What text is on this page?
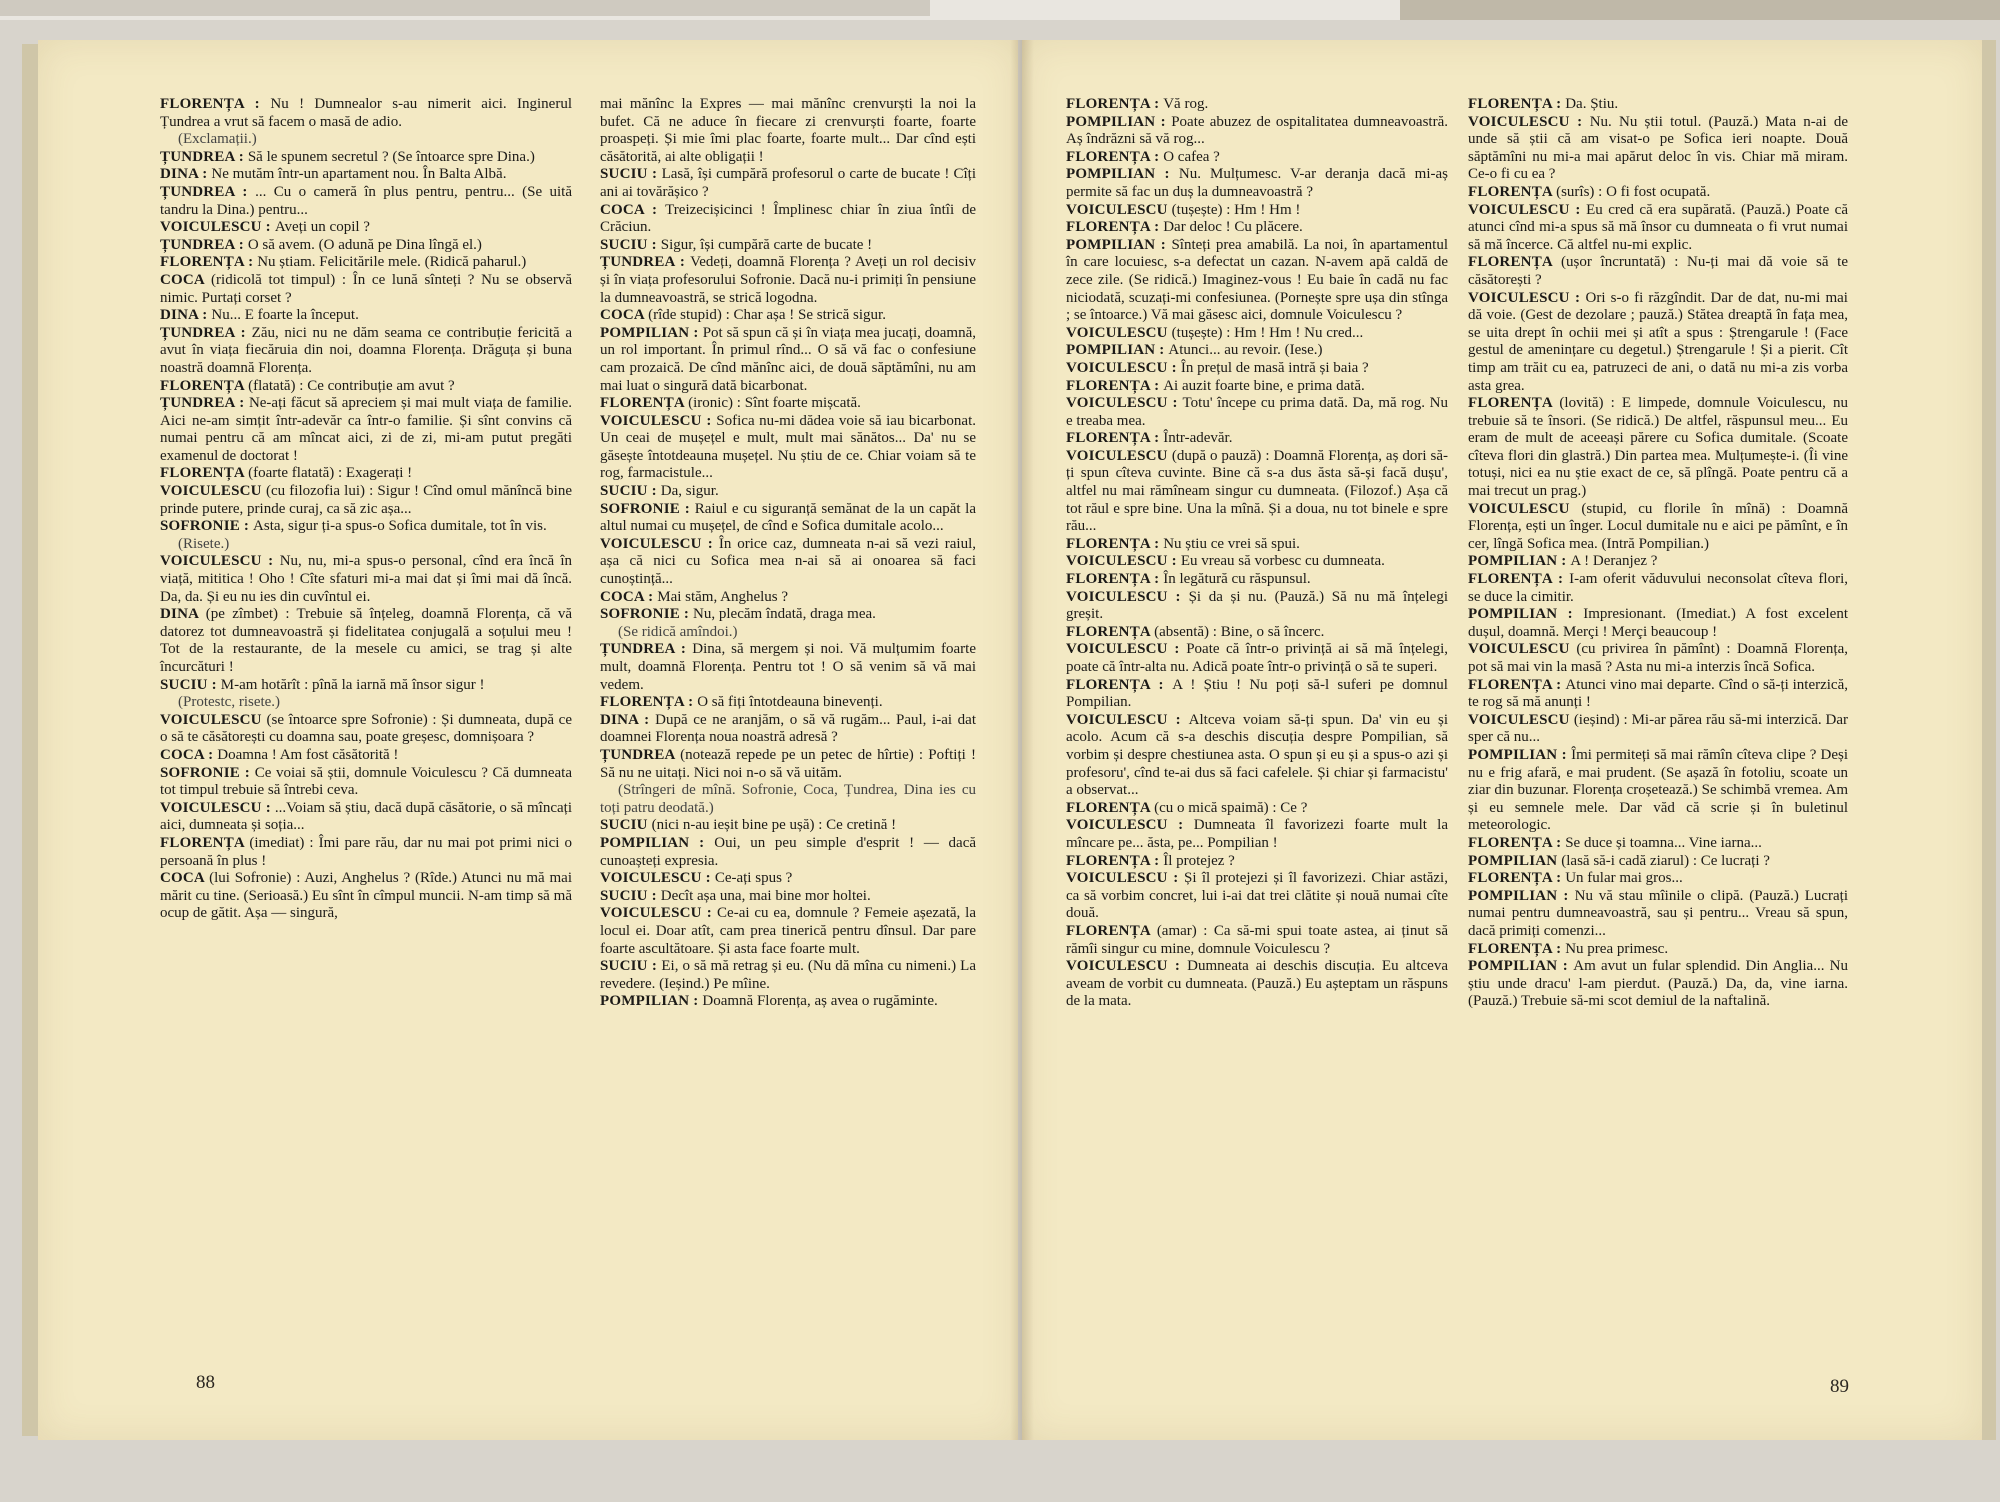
FLORENȚA : Nu ! Dumnealor s-au nimerit aici. Inginerul Țundrea a vrut să facem o masă de adio.

(Exclamații.)

ȚUNDREA : Să le spunem secretul ? (Se întoarce spre Dina.)

DINA : Ne mutăm într-un apartament nou. În Balta Albă.

ȚUNDREA : ... Cu o cameră în plus pentru, pentru... (Se uită tandru la Dina.) pentru...

VOICULESCU : Aveți un copil ?

ȚUNDREA : O să avem. (O adună pe Dina lîngă el.)

FLORENȚA : Nu știam. Felicitările mele. (Ridică paharul.)

COCA (ridicolă tot timpul) : În ce lună sînteți ? Nu se observă nimic. Purtați corset ?

DINA : Nu... E foarte la început.

ȚUNDREA : Zău, nici nu ne dăm seama ce contribuție fericită a avut în viața fiecăruia din noi, doamna Florența. Drăguța și buna noastră doamnă Florența.

FLORENȚA (flatată) : Ce contribuție am avut ?

ȚUNDREA : Ne-ați făcut să apreciem și mai mult viața de familie. Aici ne-am simțit într-adevăr ca într-o familie. Și sînt convins că numai pentru că am mîncat aici, zi de zi, mi-am putut pregăti examenul de doctorat !

FLORENȚA (foarte flatată) : Exagerați !

VOICULESCU (cu filozofia lui) : Sigur ! Cînd omul mănîncă bine prinde putere, prinde curaj, ca să zic așa...

SOFRONIE : Asta, sigur ți-a spus-o Sofica dumitale, tot în vis.

(Risete.)

VOICULESCU : Nu, nu, mi-a spus-o personal, cînd era încă în viață, mititica ! Oho ! Cîte sfaturi mi-a mai dat și îmi mai dă încă. Da, da. Și eu nu ies din cuvîntul ei.

DINA (pe zîmbet) : Trebuie să înțeleg, doamnă Florența, că vă datorez tot dumneavoastră și fidelitatea conjugală a soțului meu ! Tot de la restaurante, de la mesele cu amici, se trag și alte încurcături !

SUCIU : M-am hotărît : pînă la iarnă mă însor sigur !

(Protestc, risete.)

VOICULESCU (se întoarce spre Sofronie) : Și dumneata, după ce o să te căsătorești cu doamna sau, poate greșesc, domnișoara ?

COCA : Doamna ! Am fost căsătorită !

SOFRONIE : Ce voiai să știi, domnule Voiculescu ? Că dumneata tot timpul trebuie să întrebi ceva.

VOICULESCU : ...Voiam să știu, dacă după căsătorie, o să mîncați aici, dumneata și soția...

FLORENȚA (imediat) : Îmi pare rău, dar nu mai pot primi nici o persoană în plus !

COCA (lui Sofronie) : Auzi, Anghelus ? (Rîde.) Atunci nu mă mai mărit cu tine. (Serioasă.) Eu sînt în cîmpul muncii. N-am timp să mă ocup de gătit. Așa — singură,

mai mănînc la Expres — mai mănînc crenvurști la noi la bufet. Că ne aduce în fiecare zi crenvurști foarte, foarte proaspeți. Și mie îmi plac foarte, foarte mult... Dar cînd ești căsătorită, ai alte obligații !

SUCIU : Lasă, își cumpără profesorul o carte de bucate ! Cîți ani ai tovărășico ?

COCA : Treizecișicinci ! Împlinesc chiar în ziua întîi de Crăciun.

SUCIU : Sigur, își cumpără carte de bucate !

ȚUNDREA : Vedeți, doamnă Florența ? Aveți un rol decisiv și în viața profesorului Sofronie. Dacă nu-i primiți în pensiune la dumneavoastră, se strică logodna.

COCA (rîde stupid) : Char așa ! Se strică sigur.

POMPILIAN : Pot să spun că și în viața mea jucați, doamnă, un rol important. În primul rînd... O să vă fac o confesiune cam prozaică. De cînd mănînc aici, de două săptămîni, nu am mai luat o singură dată bicarbonat.

FLORENȚA (ironic) : Sînt foarte mișcată.

VOICULESCU : Sofica nu-mi dădea voie să iau bicarbonat. Un ceai de mușețel e mult, mult mai sănătos... Da' nu se găsește întotdeauna mușețel. Nu știu de ce. Chiar voiam să te rog, farmacistule...

SUCIU : Da, sigur.

SOFRONIE : Raiul e cu siguranță semănat de la un capăt la altul numai cu mușețel, de cînd e Sofica dumitale acolo...

VOICULESCU : În orice caz, dumneata n-ai să vezi raiul, așa că nici cu Sofica mea n-ai să ai onoarea să faci cunoștință...

COCA : Mai stăm, Anghelus ?

SOFRONIE : Nu, plecăm îndată, draga mea.

(Se ridică amîndoi.)

ȚUNDREA : Dina, să mergem și noi. Vă mulțumim foarte mult, doamnă Florența. Pentru tot ! O să venim să vă mai vedem.

FLORENȚA : O să fiți întotdeauna binevenți.

DINA : După ce ne aranjăm, o să vă rugăm... Paul, i-ai dat doamnei Florența noua noastră adresă ?

ȚUNDREA (notează repede pe un petec de hîrtie) : Poftiți ! Să nu ne uitați. Nici noi n-o să vă uităm.

(Strîngeri de mînă. Sofronie, Coca, Țundrea, Dina ies cu toți patru deodată.)

SUCIU (nici n-au ieșit bine pe ușă) : Ce cretină !

POMPILIAN : Oui, un peu simple d'esprit ! — dacă cunoașteți expresia.

VOICULESCU : Ce-ați spus ?

SUCIU : Decît așa una, mai bine mor holtei.

VOICULESCU : Ce-ai cu ea, domnule ? Femeie așezată, la locul ei. Doar atît, cam prea tinerică pentru dînsul. Dar pare foarte ascultătoare. Și asta face foarte mult.

SUCIU : Ei, o să mă retrag și eu. (Nu dă mîna cu nimeni.) La revedere. (Ieșind.) Pe mîine.

POMPILIAN : Doamnă Florența, aș avea o rugăminte.

FLORENȚA : Vă rog.

POMPILIAN : Poate abuzez de ospitalitatea dumneavoastră. Aș îndrăzni să vă rog...

FLORENȚA : O cafea ?

POMPILIAN : Nu. Mulțumesc. V-ar deranja dacă mi-aș permite să fac un duș la dumneavoastră ?

VOICULESCU (tușește) : Hm ! Hm !

FLORENȚA : Dar deloc ! Cu plăcere.

POMPILIAN : Sînteți prea amabilă. La noi, în apartamentul în care locuiesc, s-a defectat un cazan. N-avem apă caldă de zece zile. (Se ridică.) Imaginez-vous ! Eu baie în cadă nu fac niciodată, scuzați-mi confesiunea. (Pornește spre ușa din stînga ; se întoarce.) Vă mai găsesc aici, domnule Voiculescu ?

VOICULESCU (tușește) : Hm ! Hm ! Nu cred...

POMPILIAN : Atunci... au revoir. (Iese.)

VOICULESCU : În prețul de masă intră și baia ?

FLORENȚA : Ai auzit foarte bine, e prima dată.

VOICULESCU : Totu' începe cu prima dată. Da, mă rog. Nu e treaba mea.

FLORENȚA : Într-adevăr.

VOICULESCU (după o pauză) : Doamnă Florența, aș dori să-ți spun cîteva cuvinte. Bine că s-a dus ăsta să-și facă dușu', altfel nu mai rămîneam singur cu dumneata. (Filozof.) Așa că tot răul e spre bine. Una la mînă. Și a doua, nu tot binele e spre rău...

FLORENȚA : Nu știu ce vrei să spui.

VOICULESCU : Eu vreau să vorbesc cu dumneata.

FLORENȚA : În legătură cu răspunsul.

VOICULESCU : Și da și nu. (Pauză.) Să nu mă înțelegi greșit.

FLORENȚA (absentă) : Bine, o să încerc.

VOICULESCU : Poate că într-o privință ai să mă înțelegi, poate că într-alta nu. Adică poate într-o privință o să te superi.

FLORENȚA : A ! Știu ! Nu poți să-l suferi pe domnul Pompilian.

VOICULESCU : Altceva voiam să-ți spun. Da' vin eu și acolo. Acum că s-a deschis discuția despre Pompilian, să vorbim și despre chestiunea asta. O spun și eu și a spus-o azi și profesoru', cînd te-ai dus să faci cafelele. Și chiar și farmacistu' a observat...

FLORENȚA (cu o mică spaimă) : Ce ?

VOICULESCU : Dumneata îl favorizezi foarte mult la mîncare pe... ăsta, pe... Pompilian !

FLORENȚA : Îl protejez ?

VOICULESCU : Și îl protejezi și îl favorizezi. Chiar astăzi, ca să vorbim concret, lui i-ai dat trei clătite și nouă numai cîte două.

FLORENȚA (amar) : Ca să-mi spui toate astea, ai ținut să rămîi singur cu mine, domnule Voiculescu ?

VOICULESCU : Dumneata ai deschis discuția. Eu altceva aveam de vorbit cu dumneata. (Pauză.) Eu așteptam un răspuns de la mata.

FLORENȚA : Da. Știu.

VOICULESCU : Nu. Nu știi totul. (Pauză.) Mata n-ai de unde să știi că am visat-o pe Sofica ieri noapte. Două săptămîni nu mi-a mai apărut deloc în vis. Chiar mă miram. Ce-o fi cu ea ?

FLORENȚA (surîs) : O fi fost ocupată.

VOICULESCU : Eu cred că era supărată. (Pauză.) Poate că atunci cînd mi-a spus să mă însor cu dumneata o fi vrut numai să mă încerce. Că altfel nu-mi explic.

FLORENȚA (ușor încruntată) : Nu-ți mai dă voie să te căsătorești ?

VOICULESCU : Ori s-o fi răzgîndit. Dar de dat, nu-mi mai dă voie. (Gest de dezolare ; pauză.) Stătea dreaptă în fața mea, se uita drept în ochii mei și atît a spus : Ștrengarule ! (Face gestul de amenințare cu degetul.) Ștrengarule ! Și a pierit. Cît timp am trăit cu ea, patruzeci de ani, o dată nu mi-a zis vorba asta grea.

FLORENȚA (lovită) : E limpede, domnule Voiculescu, nu trebuie să te însori. (Se ridică.) De altfel, răspunsul meu... Eu eram de mult de aceeași părere cu Sofica dumitale. (Scoate cîteva flori din glastră.) Din partea mea. Mulțumește-i. (Îi vine totuși, nici ea nu știe exact de ce, să plîngă. Poate pentru că a mai trecut un prag.)

VOICULESCU (stupid, cu florile în mînă) : Doamnă Florența, ești un înger. Locul dumitale nu e aici pe pămînt, e în cer, lîngă Sofica mea. (Intră Pompilian.)

POMPILIAN : A ! Deranjez ?

FLORENȚA : I-am oferit văduvului neconsolat cîteva flori, se duce la cimitir.

POMPILIAN : Impresionant. (Imediat.) A fost excelent dușul, doamnă. Merçi ! Merçi beaucoup !

VOICULESCU (cu privirea în pămînt) : Doamnă Florența, pot să mai vin la masă ? Asta nu mi-a interzis încă Sofica.

FLORENȚA : Atunci vino mai departe. Cînd o să-ți interzică, te rog să mă anunți !

VOICULESCU (ieșind) : Mi-ar părea rău să-mi interzică. Dar sper că nu...

POMPILIAN : Îmi permiteți să mai rămîn cîteva clipe ? Deși nu e frig afară, e mai prudent. (Se așază în fotoliu, scoate un ziar din buzunar. Florența croșetează.) Se schimbă vremea. Am și eu semnele mele. Dar văd că scrie și în buletinul meteorologic.

FLORENȚA : Se duce și toamna... Vine iarna...

POMPILIAN (lasă să-i cadă ziarul) : Ce lucrați ?

FLORENȚA : Un fular mai gros...

POMPILIAN : Nu vă stau mîinile o clipă. (Pauză.) Lucrați numai pentru dumneavoastră, sau și pentru... Vreau să spun, dacă primiți comenzi...

FLORENȚA : Nu prea primesc.

POMPILIAN : Am avut un fular splendid. Din Anglia... Nu știu unde dracu' l-am pierdut. (Pauză.) Da, da, vine iarna. (Pauză.) Trebuie să-mi scot demiul de la naftalină.

88	89
